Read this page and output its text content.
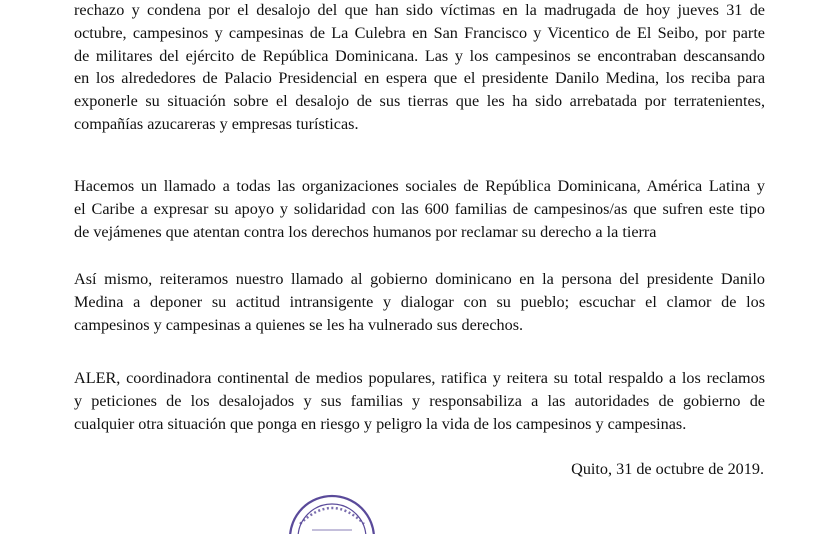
rechazo y condena por el desalojo del que han sido víctimas en la madrugada de hoy jueves 31 de
octubre, campesinos y campesinas de La Culebra en San Francisco y Vicentico de El Seibo, por parte
de militares del ejército de República Dominicana. Las y los campesinos se encontraban descansando
en los alrededores de Palacio Presidencial en espera que el presidente Danilo Medina, los reciba para
exponerle su situación sobre el desalojo de sus tierras que les ha sido arrebatada por terratenientes,
compañías azucareras y empresas turísticas.
Hacemos un llamado a todas las organizaciones sociales de República Dominicana, América Latina y
el Caribe a expresar su apoyo y solidaridad con las 600 familias de campesinos/as que sufren este tipo
de vejámenes que atentan contra los derechos humanos por reclamar su derecho a la tierra
Así mismo, reiteramos nuestro llamado al gobierno dominicano en la persona del presidente Danilo
Medina a deponer su actitud intransigente y dialogar con su pueblo; escuchar el clamor de los
campesinos y campesinas a quienes se les ha vulnerado sus derechos.
ALER, coordinadora continental de medios populares, ratifica y reitera su total respaldo a los reclamos
y peticiones de los desalojados y sus familias y responsabiliza a las autoridades de gobierno de
cualquier otra situación que ponga en riesgo y peligro la vida de los campesinos y campesinas.

Quito, 31 de octubre de 2019.
